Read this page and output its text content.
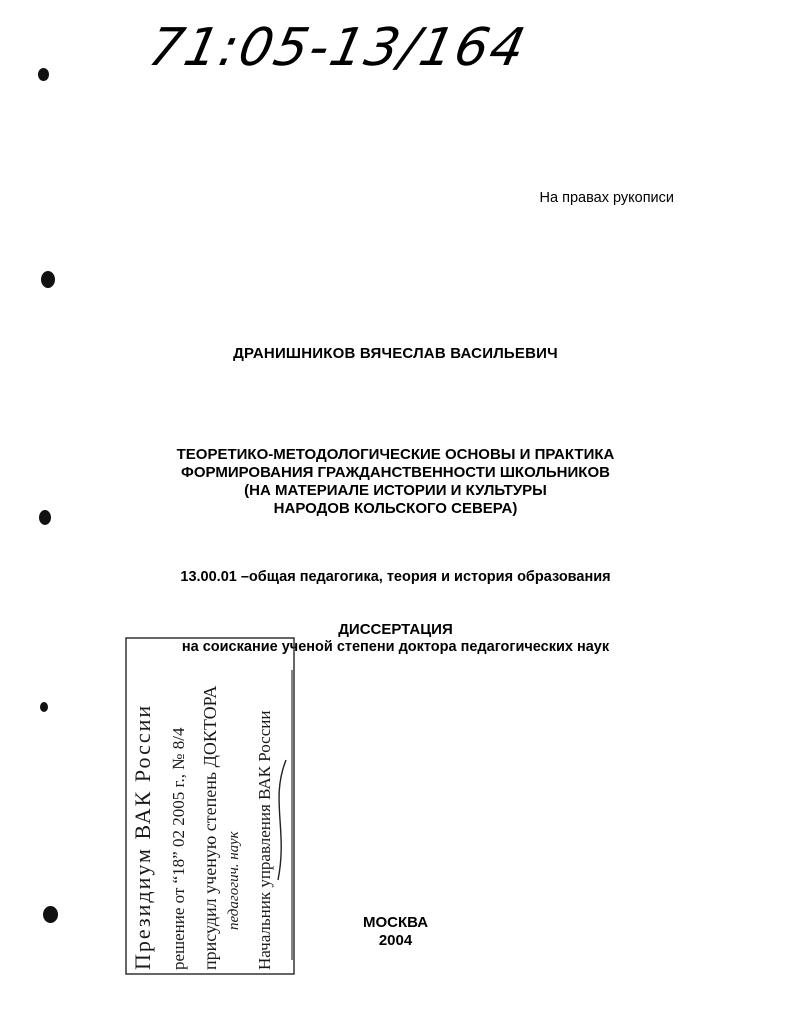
71:05-13/164
На правах рукописи
ДРАНИШНИКОВ ВЯЧЕСЛАВ ВАСИЛЬЕВИЧ
ТЕОРЕТИКО-МЕТОДОЛОГИЧЕСКИЕ ОСНОВЫ И ПРАКТИКА
ФОРМИРОВАНИЯ ГРАЖДАНСТВЕННОСТИ ШКОЛЬНИКОВ
(НА МАТЕРИАЛЕ ИСТОРИИ И КУЛЬТУРЫ
НАРОДОВ КОЛЬСКОГО СЕВЕРА)
13.00.01 –общая педагогика, теория и история образования
ДИССЕРТАЦИЯ
на соискание ученой степени доктора педагогических наук
Президиум ВАК России решение от “18” 02 2005 г., № 8/4 присудил ученую степень ДОКТОРА педагогич. наук Начальник управления ВАК России	МОСКВА
2004
